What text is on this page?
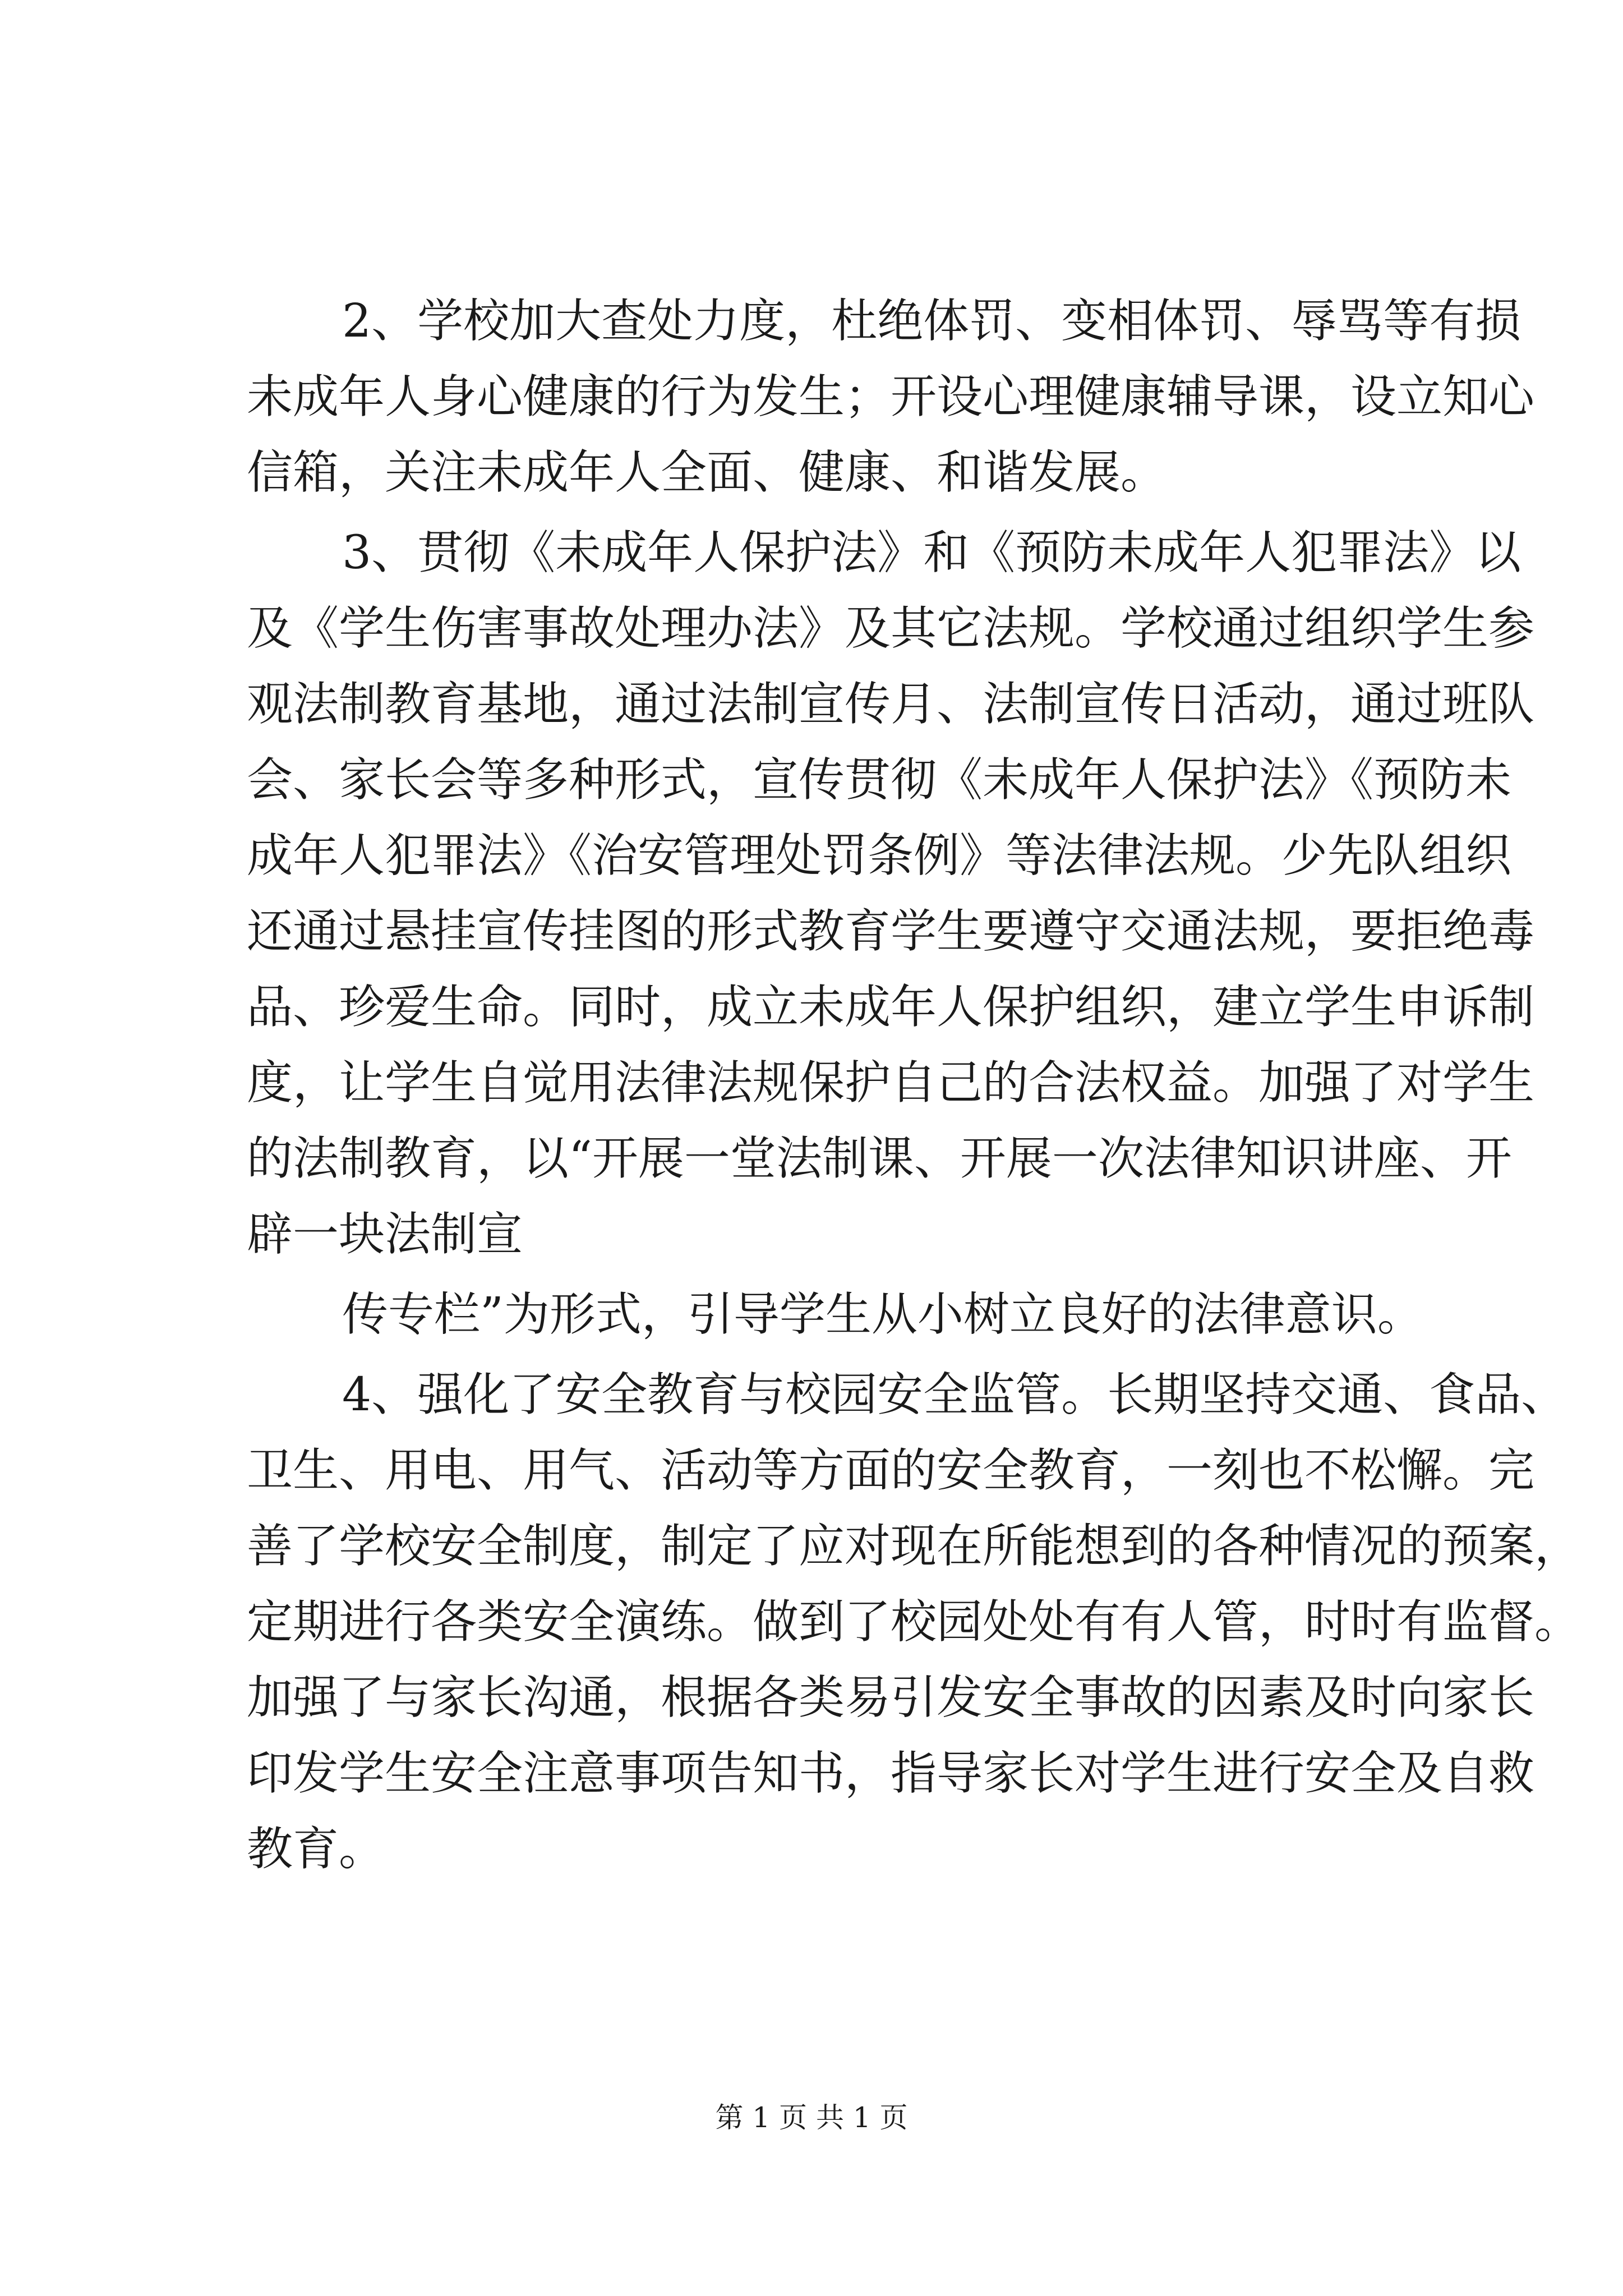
2、学校加大查处力度，杜绝体罚、变相体罚、辱骂等有损
未成年人身心健康的行为发生；开设心理健康辅导课，设立知心
信箱，关注未成年人全面、健康、和谐发展。
3、贯彻《未成年人保护法》和《预防未成年人犯罪法》以
及《学生伤害事故处理办法》及其它法规。学校通过组织学生参
观法制教育基地，通过法制宣传月、法制宣传日活动，通过班队
会、家长会等多种形式，宣传贯彻《未成年人保护法》《预防未
成年人犯罪法》《治安管理处罚条例》等法律法规。少先队组织
还通过悬挂宣传挂图的形式教育学生要遵守交通法规，要拒绝毒
品、珍爱生命。同时，成立未成年人保护组织，建立学生申诉制
度，让学生自觉用法律法规保护自己的合法权益。加强了对学生
的法制教育，以“开展一堂法制课、开展一次法律知识讲座、开
辟一块法制宣
传专栏”为形式，引导学生从小树立良好的法律意识。
4、强化了安全教育与校园安全监管。长期坚持交通、食品、
卫生、用电、用气、活动等方面的安全教育，一刻也不松懈。完
善了学校安全制度，制定了应对现在所能想到的各种情况的预案，
定期进行各类安全演练。做到了校园处处有有人管，时时有监督。
加强了与家长沟通，根据各类易引发安全事故的因素及时向家长
印发学生安全注意事项告知书，指导家长对学生进行安全及自救
教育。
第 1 页 共 1 页
